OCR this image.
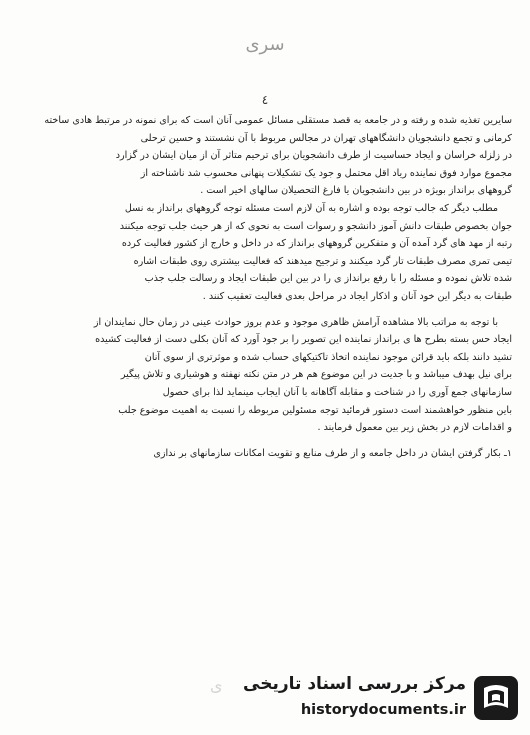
سری
٤
سایرین تغذیه شده و رفته و در جامعه به قصد مستقلی مسائل عمومی آنان است که برای نمونه در مرتبط هادی ساخته
کرمانی و تجمع دانشجویان دانشگاههای تهران در مجالس مربوط با آن نشستند و حسین ترحلی
در زلزله خراسان و ایجاد حساسیت از طرف دانشجویان برای ترحیم متاثر آن از میان ایشان در گزارد
مجموع موارد فوق نماینده ریاد اقل محتمل و جود یک تشکیلات پنهانی محسوب شد ناشناخته از
گروههای برانداز بویژه در بین دانشجویان یا فارغ التحصیلان سالهای اخیر است .
مطلب دیگر که جالب توجه بوده و اشاره به آن لازم است مسئله توجه گروههای برانداز به نسل
جوان بخصوص طبقات دانش آموز دانشجو و رسوات است به نحوی که از هر حیث جلب توجه میکنند
رتبه از مهد های گرد آمده آن و متفکرین گروههای برانداز که در داخل و خارج از کشور فعالیت کرده
تیمی تمری مصرف طبقات تار گرد میکنند و ترجیح میدهند که فعالیت بیشتری روی طبقات اشاره
شده تلاش نموده و مسئله را با رفع برانداز ی را در بین این طبقات ایجاد و رسالت جلب جذب
طبقات به دیگر این خود آنان و اذکار ایجاد در مراحل بعدی فعالیت تعقیب کنند .
با توجه به مراتب بالا مشاهده آرامش ظاهری موجود و عدم بروز حوادث عینی در زمان حال نمایندان از
ایجاد حس بسته بطرح ها ی برانداز نماینده این تصویر را بر جود آورد که آنان بکلی دست از فعالیت کشیده
تشید دانند بلکه باید قرائن موجود نماینده اتخاذ تاکتیکهای حساب شده و موثرتری از سوی آنان
برای نیل بهدف میباشد و با جدیت در این موضوع هم هر در متن نکته نهفته و هوشیاری و تلاش پیگیر
سازمانهای جمع آوری را در شناخت و مقابله آگاهانه با آنان ایجاب مینماید لذا برای حصول
باین منظور خواهشمند است دستور فرمائید توجه مسئولین مربوطه را نسبت به اهمیت موضوع جلب
و اقدامات لازم در بخش زیر بین معمول فرمایند .
۱ـ بکار گرفتن ایشان در داخل جامعه و از طرف منابع و تقویت امکانات سازمانهای بر ندازی
ی مرکز بررسی اسناد تاریخی
historydocuments.ir
